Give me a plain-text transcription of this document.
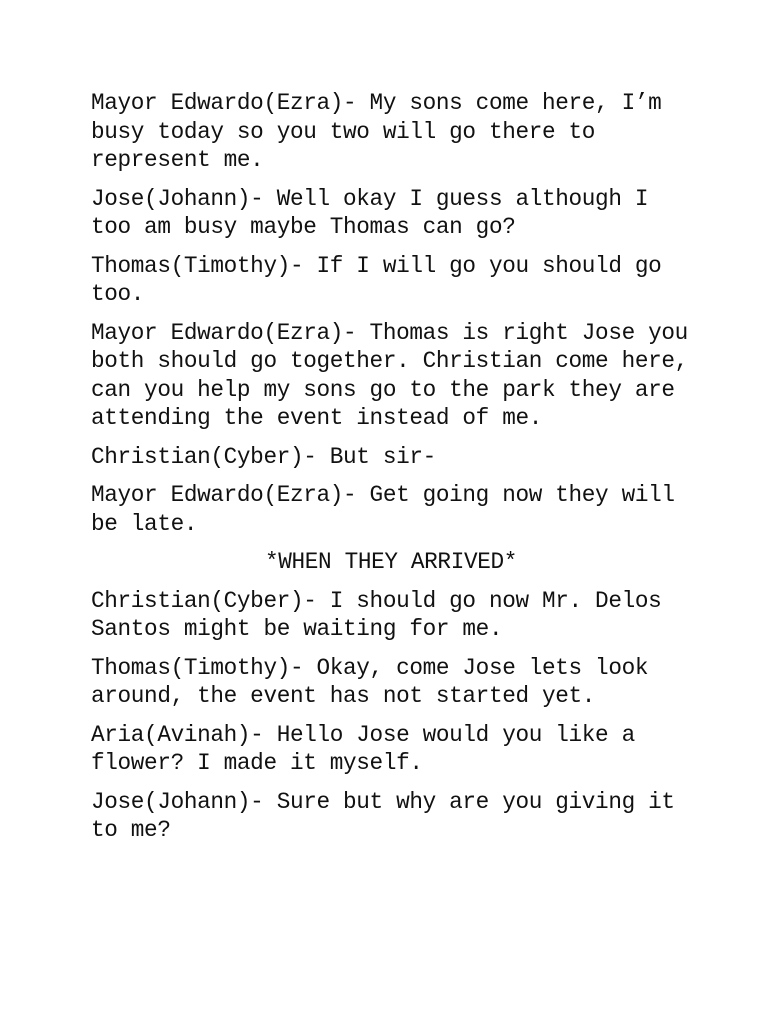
Mayor Edwardo(Ezra)- My sons come here, I’m busy today so you two will go there to represent me.

Jose(Johann)- Well okay I guess although I too am busy maybe Thomas can go?

Thomas(Timothy)- If I will go you should go too.

Mayor Edwardo(Ezra)- Thomas is right Jose you both should go together. Christian come here, can you help my sons go to the park they are attending the event instead of me.

Christian(Cyber)- But sir-

Mayor Edwardo(Ezra)- Get going now they will be late.

*WHEN THEY ARRIVED*

Christian(Cyber)- I should go now Mr. Delos Santos might be waiting for me.

Thomas(Timothy)- Okay, come Jose lets look around, the event has not started yet.

Aria(Avinah)- Hello Jose would you like a flower? I made it myself.

Jose(Johann)- Sure but why are you giving it to me?
